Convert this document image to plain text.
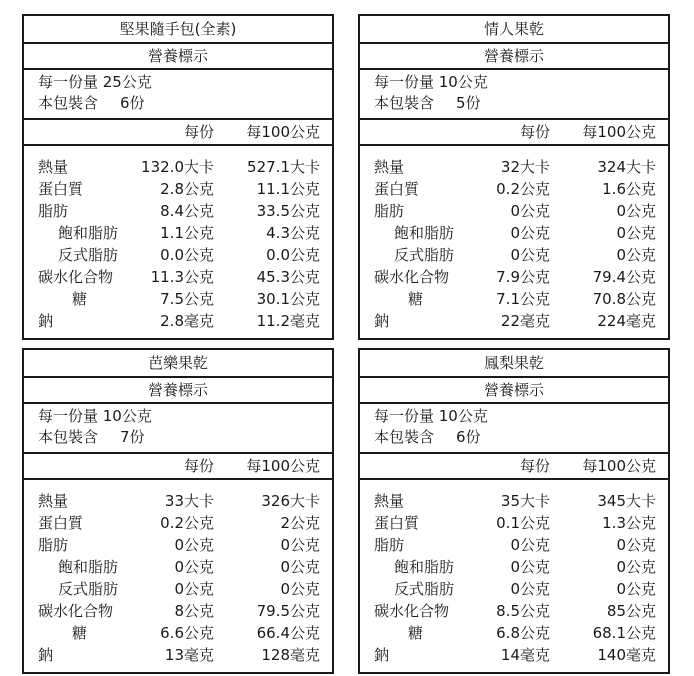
堅果隨手包(全素)
營養標示
每一份量 25公克
本包裝含 6份
每份 每100公克
熱量	132.0大卡 527.1大卡
蛋白質	2.8公克	11.1公克
脂肪	8.4公克	33.5公克
飽和脂肪	1.1公克	4.3公克
反式脂肪	0.0公克	0.0公克
碳水化合物	11.3公克	45.3公克
糖	7.5公克	30.1公克
鈉	2.8毫克	11.2毫克
情人果乾
營養標示
每一份量 10公克
本包裝含 5份
每份 每100公克
熱量	32大卡	324大卡
蛋白質	0.2公克	1.6公克
脂肪	0公克	0公克
飽和脂肪	0公克	0公克
反式脂肪	0公克	0公克
碳水化合物	7.9公克	79.4公克
糖	7.1公克	70.8公克
鈉	22毫克	224毫克
芭樂果乾
營養標示
每一份量 10公克
本包裝含 7份
每份 每100公克
熱量	33大卡	326大卡
蛋白質	0.2公克	2公克
脂肪	0公克	0公克
飽和脂肪	0公克	0公克
反式脂肪	0公克	0公克
碳水化合物	8公克	79.5公克
糖	6.6公克	66.4公克
鈉	13毫克	128毫克
鳳梨果乾
營養標示
每一份量 10公克
本包裝含 6份
每份 每100公克
熱量	35大卡	345大卡
蛋白質	0.1公克	1.3公克
脂肪	0公克	0公克
飽和脂肪	0公克	0公克
反式脂肪	0公克	0公克
碳水化合物	8.5公克	85公克
糖	6.8公克	68.1公克
鈉	14毫克	140毫克
